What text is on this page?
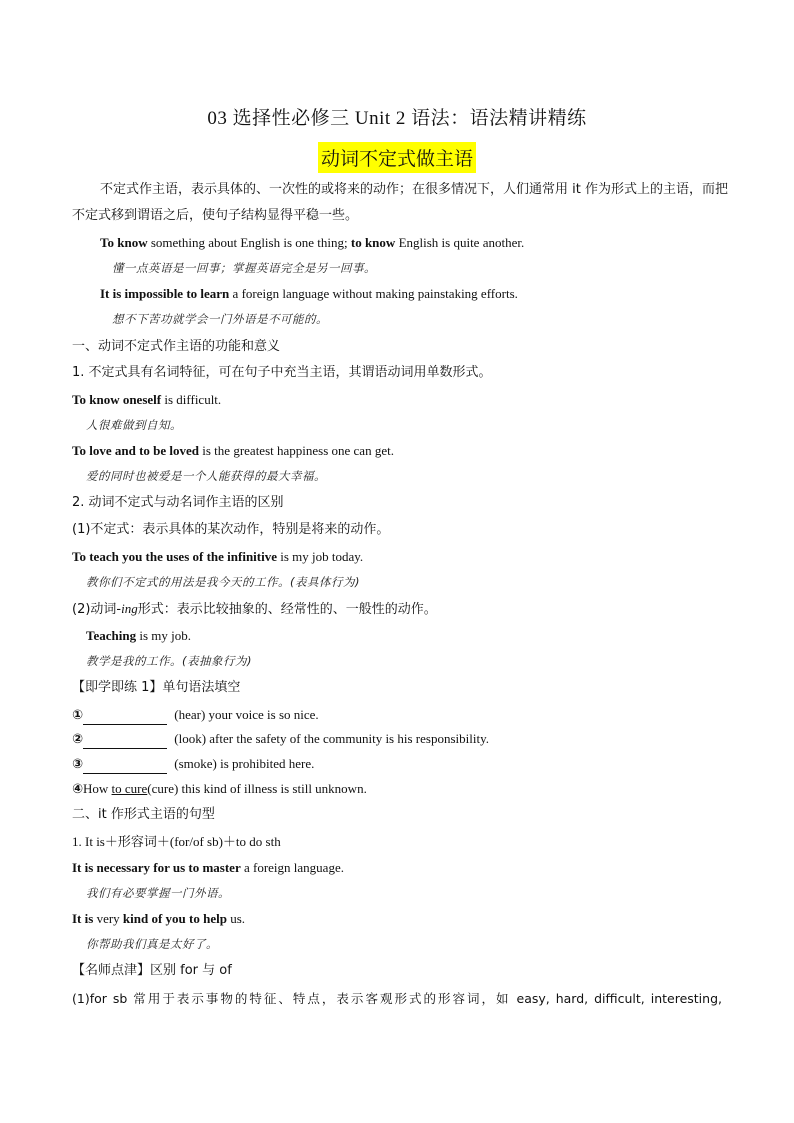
03 选择性必修三 Unit 2 语法：语法精讲精练
动词不定式做主语
不定式作主语，表示具体的、一次性的或将来的动作；在很多情况下，人们通常用 it 作为形式上的主语，而把不定式移到谓语之后，使句子结构显得平稳一些。
To know something about English is one thing; to know English is quite another.
懂一点英语是一回事；掌握英语完全是另一回事。
It is impossible to learn a foreign language without making painstaking efforts.
想不下苦功就学会一门外语是不可能的。
一、动词不定式作主语的功能和意义
1. 不定式具有名词特征，可在句子中充当主语，其谓语动词用单数形式。
To know oneself is difficult.
人很难做到自知。
To love and to be loved is the greatest happiness one can get.
爱的同时也被爱是一个人能获得的最大幸福。
2. 动词不定式与动名词作主语的区别
(1)不定式：表示具体的某次动作，特别是将来的动作。
To teach you the uses of the infinitive is my job today.
教你们不定式的用法是我今天的工作。(表具体行为)
(2)动词-ing形式：表示比较抽象的、经常性的、一般性的动作。
Teaching is my job.
教学是我的工作。(表抽象行为)
【即学即练 1】单句语法填空
①	(hear) your voice is so nice.
②	(look) after the safety of the community is his responsibility.
③	(smoke) is prohibited here.
④How to cure(cure) this kind of illness is still unknown.
二、it 作形式主语的句型
1. It is＋形容词＋(for/of sb)＋to do sth
It is necessary for us to master a foreign language.
我们有必要掌握一门外语。
It is very kind of you to help us.
你帮助我们真是太好了。
【名师点津】区别 for 与 of
(1)for sb 常用于表示事物的特征、特点，表示客观形式的形容词，如 easy, hard, difficult, interesting,
